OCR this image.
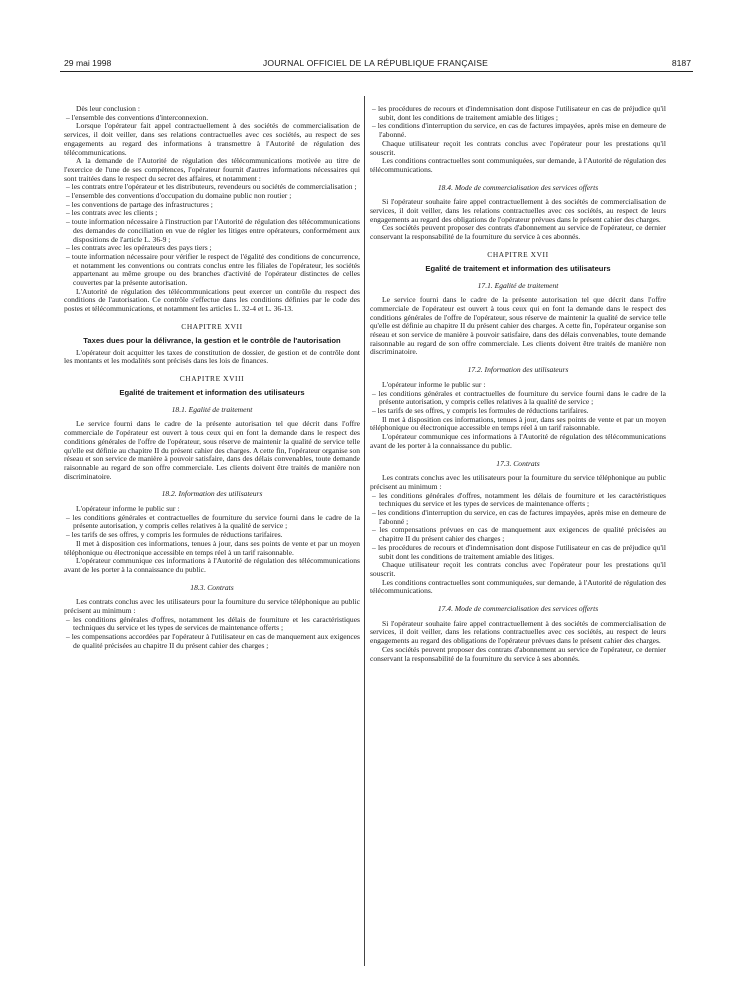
29 mai 1998	JOURNAL OFFICIEL DE LA RÉPUBLIQUE FRANÇAISE	8187

Dès leur conclusion :

– l'ensemble des conventions d'interconnexion.

Lorsque l'opérateur fait appel contractuellement à des sociétés de commercialisation de services, il doit veiller, dans ses relations contractuelles avec ces sociétés, au respect de ses engagements au regard des informations à transmettre à l'Autorité de régulation des télécommunications.

A la demande de l'Autorité de régulation des télécommunications motivée au titre de l'exercice de l'une de ses compétences, l'opérateur fournit d'autres informations nécessaires qui sont traitées dans le respect du secret des affaires, et notamment :

– les contrats entre l'opérateur et les distributeurs, revendeurs ou sociétés de commercialisation ;

– l'ensemble des conventions d'occupation du domaine public non routier ;

– les conventions de partage des infrastructures ;

– les contrats avec les clients ;

– toute information nécessaire à l'instruction par l'Autorité de régulation des télécommunications des demandes de conciliation en vue de régler les litiges entre opérateurs, conformément aux dispositions de l'article L. 36-9 ;

– les contrats avec les opérateurs des pays tiers ;

– toute information nécessaire pour vérifier le respect de l'égalité des conditions de concurrence, et notamment les conventions ou contrats conclus entre les filiales de l'opérateur, les sociétés appartenant au même groupe ou des branches d'activité de l'opérateur distinctes de celles couvertes par la présente autorisation.

L'Autorité de régulation des télécommunications peut exercer un contrôle du respect des conditions de l'autorisation. Ce contrôle s'effectue dans les conditions définies par le code des postes et télécommunications, et notamment les articles L. 32-4 et L. 36-13.

CHAPITRE XVII

Taxes dues pour la délivrance, la gestion et le contrôle de l'autorisation

L'opérateur doit acquitter les taxes de constitution de dossier, de gestion et de contrôle dont les montants et les modalités sont précisés dans les lois de finances.

CHAPITRE XVIII

Egalité de traitement et information des utilisateurs

18.1. Egalité de traitement

Le service fourni dans le cadre de la présente autorisation tel que décrit dans l'offre commerciale de l'opérateur est ouvert à tous ceux qui en font la demande dans le respect des conditions générales de l'offre de l'opérateur, sous réserve de maintenir la qualité de service telle qu'elle est définie au chapitre II du présent cahier des charges. A cette fin, l'opérateur organise son réseau et son service de manière à pouvoir satisfaire, dans des délais convenables, toute demande raisonnable au regard de son offre commerciale. Les clients doivent être traités de manière non discriminatoire.

18.2. Information des utilisateurs

L'opérateur informe le public sur :

– les conditions générales et contractuelles de fourniture du service fourni dans le cadre de la présente autorisation, y compris celles relatives à la qualité de service ;

– les tarifs de ses offres, y compris les formules de réductions tarifaires.

Il met à disposition ces informations, tenues à jour, dans ses points de vente et par un moyen téléphonique ou électronique accessible en temps réel à un tarif raisonnable.

L'opérateur communique ces informations à l'Autorité de régulation des télécommunications avant de les porter à la connaissance du public.

18.3. Contrats

Les contrats conclus avec les utilisateurs pour la fourniture du service téléphonique au public précisent au minimum :

– les conditions générales d'offres, notamment les délais de fourniture et les caractéristiques techniques du service et les types de services de maintenance offerts ;

– les compensations accordées par l'opérateur à l'utilisateur en cas de manquement aux exigences de qualité précisées au chapitre II du présent cahier des charges ;

– les procédures de recours et d'indemnisation dont dispose l'utilisateur en cas de préjudice qu'il subit, dont les conditions de traitement amiable des litiges ;

– les conditions d'interruption du service, en cas de factures impayées, après mise en demeure de l'abonné.

Chaque utilisateur reçoit les contrats conclus avec l'opérateur pour les prestations qu'il souscrit.

Les conditions contractuelles sont communiquées, sur demande, à l'Autorité de régulation des télécommunications.

18.4. Mode de commercialisation des services offerts

Si l'opérateur souhaite faire appel contractuellement à des sociétés de commercialisation de services, il doit veiller, dans les relations contractuelles avec ces sociétés, au respect de leurs engagements au regard des obligations de l'opérateur prévues dans le présent cahier des charges.

Ces sociétés peuvent proposer des contrats d'abonnement au service de l'opérateur, ce dernier conservant la responsabilité de la fourniture du service à ces abonnés.

CHAPITRE XVII

Egalité de traitement et information des utilisateurs

17.1. Egalité de traitement

Le service fourni dans le cadre de la présente autorisation tel que décrit dans l'offre commerciale de l'opérateur est ouvert à tous ceux qui en font la demande dans le respect des conditions générales de l'offre de l'opérateur, sous réserve de maintenir la qualité de service telle qu'elle est définie au chapitre II du présent cahier des charges. A cette fin, l'opérateur organise son réseau et son service de manière à pouvoir satisfaire, dans des délais convenables, toute demande raisonnable au regard de son offre commerciale. Les clients doivent être traités de manière non discriminatoire.

17.2. Information des utilisateurs

L'opérateur informe le public sur :

– les conditions générales et contractuelles de fourniture du service fourni dans le cadre de la présente autorisation, y compris celles relatives à la qualité de service ;

– les tarifs de ses offres, y compris les formules de réductions tarifaires.

Il met à disposition ces informations, tenues à jour, dans ses points de vente et par un moyen téléphonique ou électronique accessible en temps réel à un tarif raisonnable.

L'opérateur communique ces informations à l'Autorité de régulation des télécommunications avant de les porter à la connaissance du public.

17.3. Contrats

Les contrats conclus avec les utilisateurs pour la fourniture du service téléphonique au public précisent au minimum :

– les conditions générales d'offres, notamment les délais de fourniture et les caractéristiques techniques du service et les types de services de maintenance offerts ;

– les conditions d'interruption du service, en cas de factures impayées, après mise en demeure de l'abonné ;

– les compensations prévues en cas de manquement aux exigences de qualité précisées au chapitre II du présent cahier des charges ;

– les procédures de recours et d'indemnisation dont dispose l'utilisateur en cas de préjudice qu'il subit dont les conditions de traitement amiable des litiges.

Chaque utilisateur reçoit les contrats conclus avec l'opérateur pour les prestations qu'il souscrit.

Les conditions contractuelles sont communiquées, sur demande, à l'Autorité de régulation des télécommunications.

17.4. Mode de commercialisation des services offerts

Si l'opérateur souhaite faire appel contractuellement à des sociétés de commercialisation de services, il doit veiller, dans les relations contractuelles avec ces sociétés, au respect de leurs engagements au regard des obligations de l'opérateur prévues dans le présent cahier des charges.

Ces sociétés peuvent proposer des contrats d'abonnement au service de l'opérateur, ce dernier conservant la responsabilité de la fourniture du service à ses abonnés.
